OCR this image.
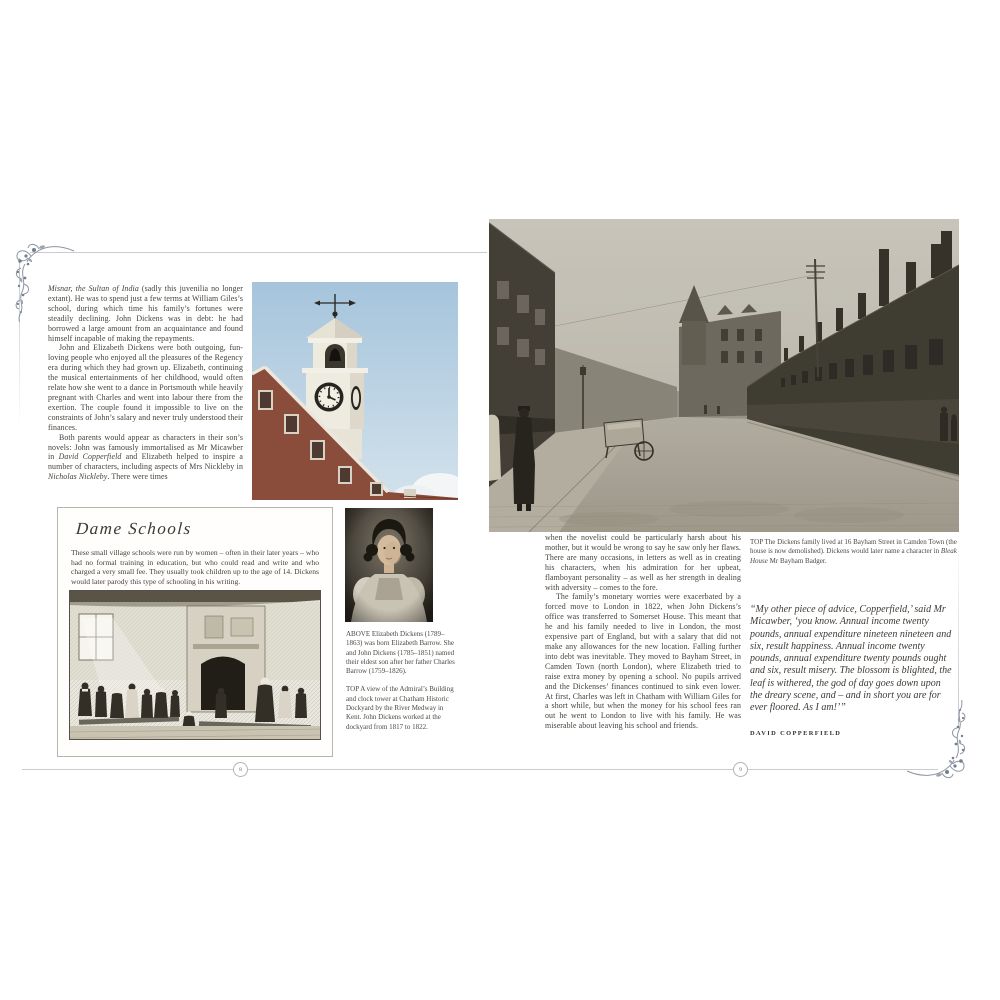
Misnar, the Sultan of India (sadly this juvenilia no longer extant). He was to spend just a few terms at William Giles’s school, during which time his family’s fortunes were steadily declining. John Dickens was in debt: he had borrowed a large amount from an acquaintance and found himself incapable of making the repayments.

John and Elizabeth Dickens were both outgoing, fun-loving people who enjoyed all the pleasures of the Regency era during which they had grown up. Elizabeth, continuing the musical entertainments of her childhood, would often relate how she went to a dance in Portsmouth while heavily pregnant with Charles and went into labour there from the exertion. The couple found it impossible to live on the constraints of John’s salary and never truly understood their finances.

Both parents would appear as characters in their son’s novels: John was famously immortalised as Mr Micawber in David Copperfield and Elizabeth helped to inspire a number of characters, including aspects of Mrs Nickleby in Nicholas Nickleby. There were times

Dame Schools
These small village schools were run by women – often in their later years – who had no formal training in education, but who could read and write and who charged a very small fee. They usually took children up to the age of 14. Dickens would later parody this type of schooling in his writing.

ABOVE Elizabeth Dickens (1789–1863) was born Elizabeth Barrow. She and John Dickens (1785–1851) named their eldest son after her father Charles Barrow (1759–1826).

TOP A view of the Admiral’s Building and clock tower at Chatham Historic Dockyard by the River Medway in Kent. John Dickens worked at the dockyard from 1817 to 1822.

8

TOP The Dickens family lived at 16 Bayham Street in Camden Town (the house is now demolished). Dickens would later name a character in Bleak House Mr Bayham Badger.

when the novelist could be particularly harsh about his mother, but it would be wrong to say he saw only her flaws. There are many occasions, in letters as well as in creating his characters, when his admiration for her upbeat, flamboyant personality – as well as her strength in dealing with adversity – comes to the fore.

The family’s monetary worries were exacerbated by a forced move to London in 1822, when John Dickens’s office was transferred to Somerset House. This meant that he and his family needed to live in London, the most expensive part of England, but with a salary that did not make any allowances for the new location. Falling further into debt was inevitable. They moved to Bayham Street, in Camden Town (north London), where Elizabeth tried to raise extra money by opening a school. No pupils arrived and the Dickenses’ finances continued to sink even lower. At first, Charles was left in Chatham with William Giles for a short while, but when the money for his school fees ran out he went to London to live with his family. He was miserable about leaving his school and friends.

“My other piece of advice, Copperfield,’ said Mr Micawber, ‘you know. Annual income twenty pounds, annual expenditure nineteen nineteen and six, result happiness. Annual income twenty pounds, annual expenditure twenty pounds ought and six, result misery. The blossom is blighted, the leaf is withered, the god of day goes down upon the dreary scene, and – and in short you are for ever floored. As I am!’”
DAVID COPPERFIELD
9
